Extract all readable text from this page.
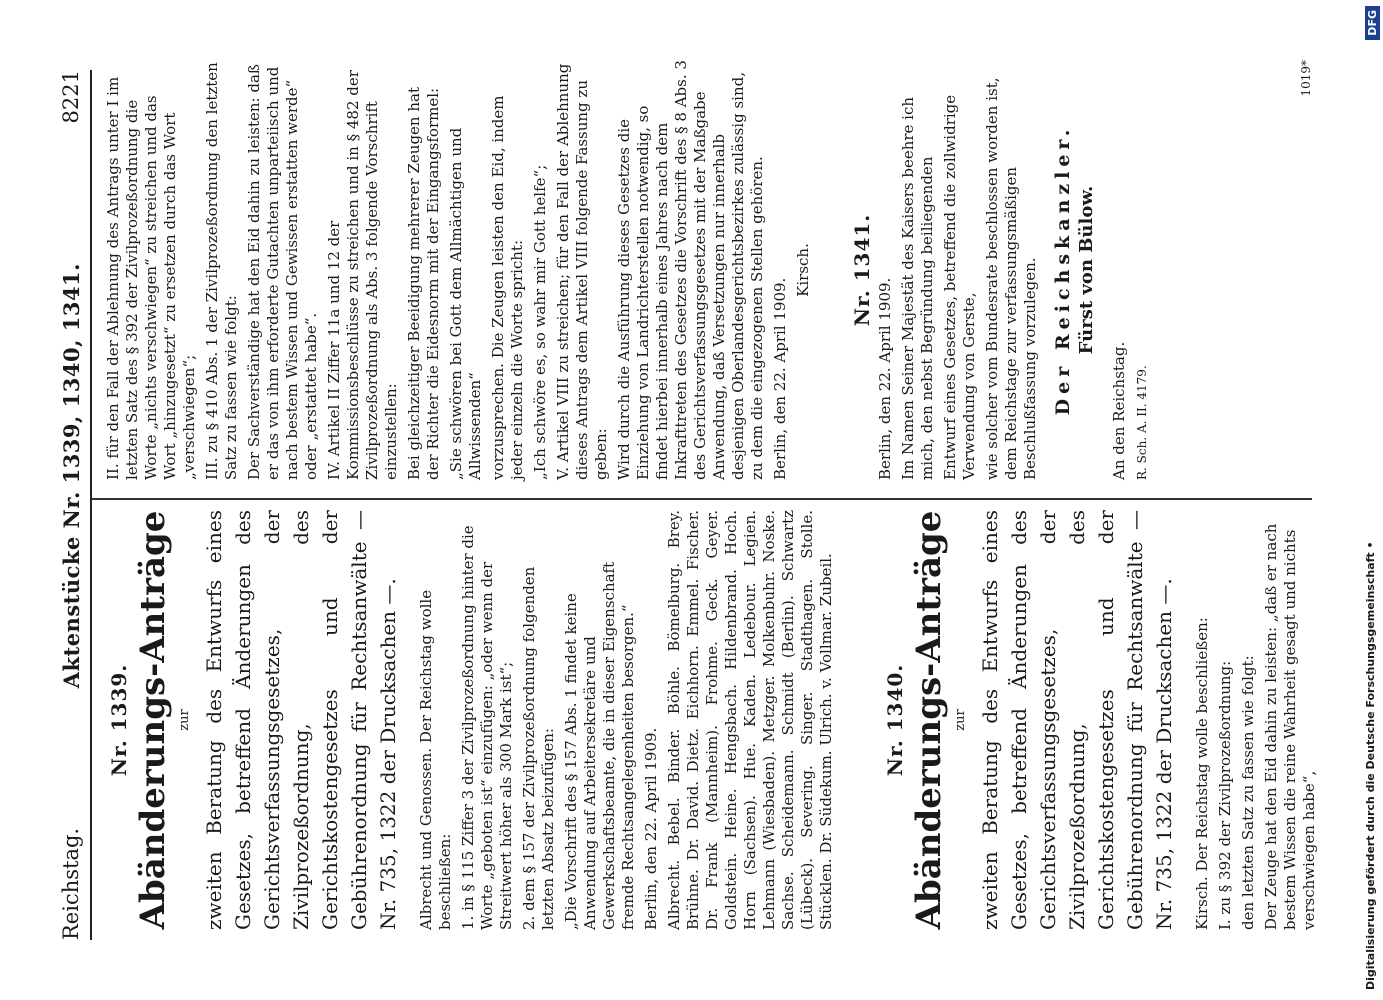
Reichstag.
Aktenstücke Nr. 1339, 1340, 1341.
8221
Nr. 1339. Abänderungs-Anträge zur zweiten Beratung des Entwurfs eines Gesetzes, betreffend Änderungen des Gerichtsverfassungsgesetzes, der Zivilprozeßordnung, des Gerichtskostengesetzes und der Gebührenordnung für Rechtsanwälte — Nr. 735, 1322 der Drucksachen —. Albrecht und Genossen. Der Reichstag wolle beschließen: 1. in § 115 Ziffer 3 der Zivilprozeßordnung hinter die Worte „geboten ist“ einzufügen: „oder wenn der Streitwert höher als 300 Mark ist“; 2. dem § 157 der Zivilprozeßordnung folgenden letzten Absatz beizufügen: „Die Vorschrift des § 157 Abs. 1 findet keine Anwendung auf Arbeitersekretäre und Gewerkschaftsbeamte, die in dieser Eigenschaft fremde Rechtsangelegenheiten besorgen.“ Berlin, den 22. April 1909. Albrecht. Bebel. Binder. Böhle. Bömelburg. Brey. Brühne. Dr. David. Dietz. Eichhorn. Emmel. Fischer. Dr. Frank (Mannheim). Frohme. Geck. Geyer. Goldstein. Heine. Hengsbach. Hildenbrand. Hoch. Horn (Sachsen). Hue. Kaden. Ledebour. Legien. Lehmann (Wiesbaden). Metzger. Molkenbuhr. Noske. Sachse. Scheidemann. Schmidt (Berlin). Schwartz (Lübeck). Severing. Singer. Stadthagen. Stolle. Stücklen. Dr. Südekum. Ulrich. v. Vollmar. Zubeil. Nr. 1340. Abänderungs-Anträge zur zweiten Beratung des Entwurfs eines Gesetzes, betreffend Änderungen des Gerichtsverfassungsgesetzes, der Zivilprozeßordnung, des Gerichtskostengesetzes und der Gebührenordnung für Rechtsanwälte — Nr. 735, 1322 der Drucksachen —. Kirsch. Der Reichstag wolle beschließen: I. zu § 392 der Zivilprozeßordnung: den letzten Satz zu fassen wie folgt: Der Zeuge hat den Eid dahin zu leisten: „daß er nach bestem Wissen die reine Wahrheit gesagt und nichts verschwiegen habe“,

II. für den Fall der Ablehnung des Antrags unter I im letzten Satz des § 392 der Zivilprozeßordnung die Worte „nichts verschwiegen“ zu streichen und das Wort „hinzugesetzt“ zu ersetzen durch das Wort „verschwiegen“; III. zu § 410 Abs. 1 der Zivilprozeßordnung den letzten Satz zu fassen wie folgt: Der Sachverständige hat den Eid dahin zu leisten: daß er das von ihm erforderte Gutachten unparteiisch und nach bestem Wissen und Gewissen erstatten werde“ oder „erstattet habe“. IV. Artikel II Ziffer 11a und 12 der Kommissionsbeschlüsse zu streichen und in § 482 der Zivilprozeßordnung als Abs. 3 folgende Vorschrift einzustellen: Bei gleichzeitiger Beeidigung mehrerer Zeugen hat der Richter die Eidesnorm mit der Eingangsformel: „Sie schwören bei Gott dem Allmächtigen und Allwissenden“ vorzusprechen. Die Zeugen leisten den Eid, indem jeder einzeln die Worte spricht: „Ich schwöre es, so wahr mir Gott helfe“; V. Artikel VIII zu streichen; für den Fall der Ablehnung dieses Antrags dem Artikel VIII folgende Fassung zu geben: Wird durch die Ausführung dieses Gesetzes die Einziehung von Landrichterstellen notwendig, so findet hierbei innerhalb eines Jahres nach dem Inkrafttreten des Gesetzes die Vorschrift des § 8 Abs. 3 des Gerichtsverfassungsgesetzes mit der Maßgabe Anwendung, daß Versetzungen nur innerhalb desjenigen Oberlandesgerichtsbezirkes zulässig sind, zu dem die eingezogenen Stellen gehören. Berlin, den 22. April 1909.

Kirsch. Nr. 1341.

Berlin, den 22. April 1909. Im Namen Seiner Majestät des Kaisers beehre ich mich, den nebst Begründung beiliegenden Entwurf eines Gesetzes, betreffend die zollwidrige Verwendung von Gerste, wie solcher vom Bundesrate beschlossen worden ist, dem Reichstage zur verfassungsmäßigen Beschlußfassung vorzulegen. Der Reichskanzler. Fürst von Bülow.

An den Reichstag. R. Sch. A. II. 4179.

1019*
Digitalisierung gefördert durch die Deutsche Forschungsgemeinschaft •
DFG
